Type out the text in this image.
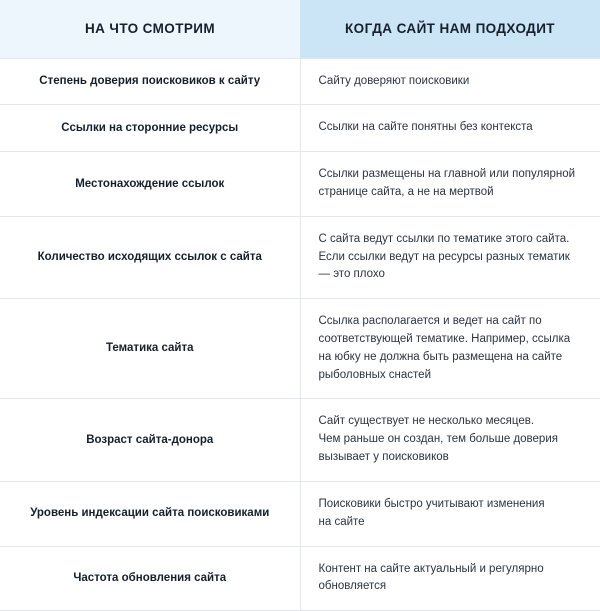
НА ЧТО СМОТРИМ	КОГДА САЙТ НАМ ПОДХОДИТ
Степень доверия поисковиков к сайту	Сайту доверяют поисковики

Ссылки на сторонние ресурсы	Ссылки на сайте понятны без контекста

Местонахождение ссылок	Ссылки размещены на главной или популярной
странице сайта, а не на мертвой

Количество исходящих ссылок с сайта	С сайта ведут ссылки по тематике этого сайта.
Если ссылки ведут на ресурсы разных тематик
— это плохо

Тематика сайта	Ссылка располагается и ведет на сайт по
соответствующей тематике. Например, ссылка
на юбку не должна быть размещена на сайте
рыболовных снастей

Возраст сайта-донора	Сайт существует не несколько месяцев.
Чем раньше он создан, тем больше доверия
вызывает у поисковиков

Уровень индексации сайта поисковиками	Поисковики быстро учитывают изменения
на сайте

Частота обновления сайта	Контент на сайте актуальный и регулярно
обновляется
